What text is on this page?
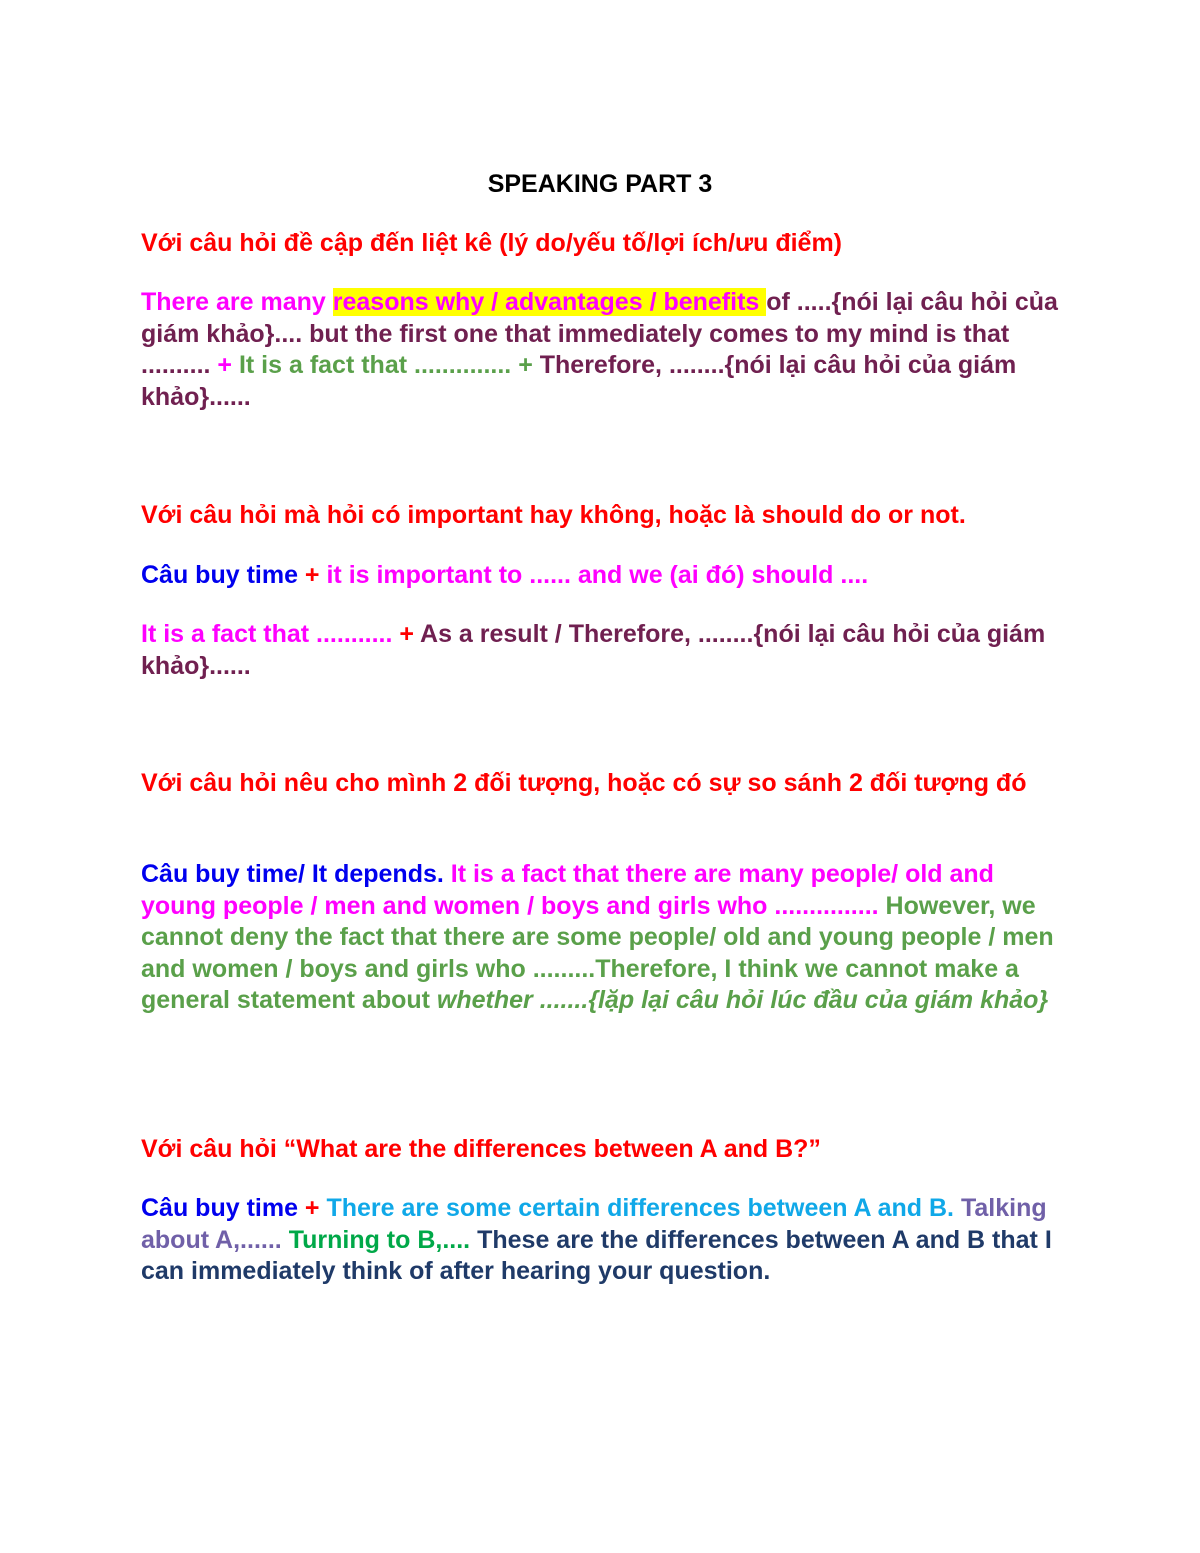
SPEAKING PART 3
Với câu hỏi đề cập đến liệt kê (lý do/yếu tố/lợi ích/ưu điểm)
There are many reasons why / advantages / benefits of .....{nói lại câu hỏi của giám khảo}.... but the first one that immediately comes to my mind is that .......... + It is a fact that .............. + Therefore, ........{nói lại câu hỏi của giám khảo}......
Với câu hỏi mà hỏi có important hay không, hoặc là should do or not.
Câu buy time + it is important to ...... and we (ai đó) should ....
It is a fact that ........... + As a result / Therefore, ........{nói lại câu hỏi của giám khảo}......
Với câu hỏi nêu cho mình 2 đối tượng, hoặc có sự so sánh 2 đối tượng đó
Câu buy time/ It depends. It is a fact that there are many people/ old and young people / men and women / boys and girls who ............... However, we cannot deny the fact that there are some people/ old and young people / men and women / boys and girls who .........Therefore, I think we cannot make a general statement about whether .......{lặp lại câu hỏi lúc đầu của giám khảo}
Với câu hỏi “What are the differences between A and B?”
Câu buy time + There are some certain differences between A and B. Talking about A,...... Turning to B,.... These are the differences between A and B that I can immediately think of after hearing your question.
